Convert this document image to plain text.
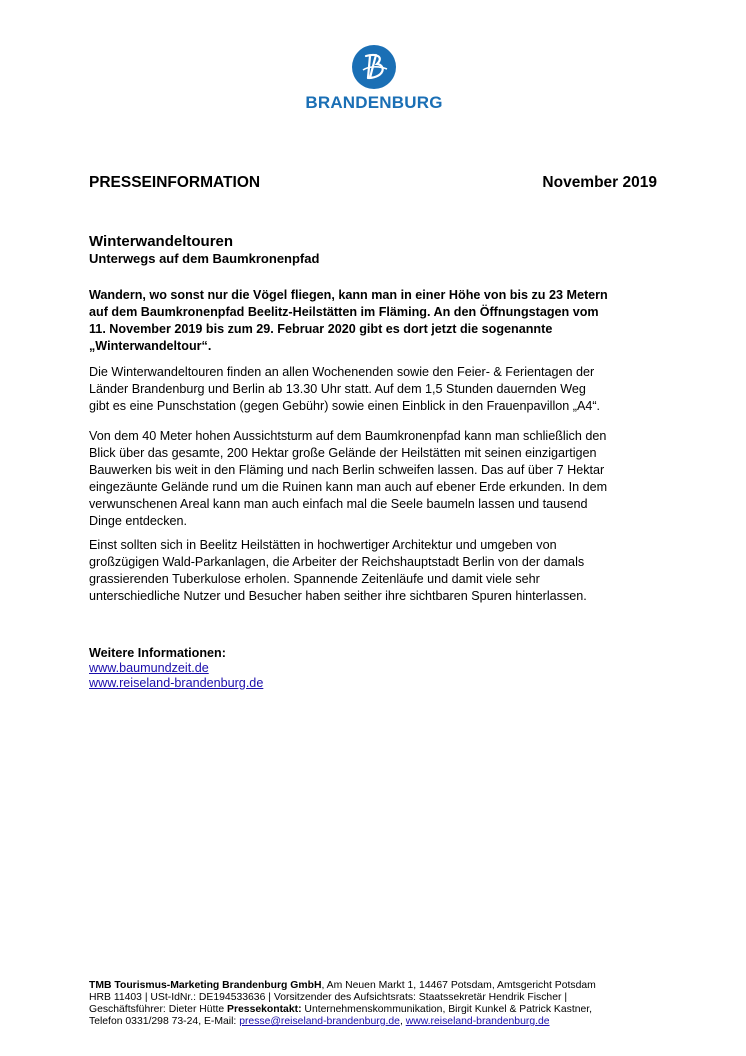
BRANDENBURG
PRESSEINFORMATION	November 2019
Winterwandeltouren
Unterwegs auf dem Baumkronenpfad
Wandern, wo sonst nur die Vögel fliegen, kann man in einer Höhe von bis zu 23 Metern
auf dem Baumkronenpfad Beelitz-Heilstätten im Fläming. An den Öffnungstagen vom
11. November 2019 bis zum 29. Februar 2020 gibt es dort jetzt die sogenannte
„Winterwandeltour“.
Die Winterwandeltouren finden an allen Wochenenden sowie den Feier- & Ferientagen der
Länder Brandenburg und Berlin ab 13.30 Uhr statt. Auf dem 1,5 Stunden dauernden Weg
gibt es eine Punschstation (gegen Gebühr) sowie einen Einblick in den Frauenpavillon „A4“.
Von dem 40 Meter hohen Aussichtsturm auf dem Baumkronenpfad kann man schließlich den
Blick über das gesamte, 200 Hektar große Gelände der Heilstätten mit seinen einzigartigen
Bauwerken bis weit in den Fläming und nach Berlin schweifen lassen. Das auf über 7 Hektar
eingezäunte Gelände rund um die Ruinen kann man auch auf ebener Erde erkunden. In dem
verwunschenen Areal kann man auch einfach mal die Seele baumeln lassen und tausend
Dinge entdecken.
Einst sollten sich in Beelitz Heilstätten in hochwertiger Architektur und umgeben von
großzügigen Wald-Parkanlagen, die Arbeiter der Reichshauptstadt Berlin von der damals
grassierenden Tuberkulose erholen. Spannende Zeitenläufe und damit viele sehr
unterschiedliche Nutzer und Besucher haben seither ihre sichtbaren Spuren hinterlassen.
Weitere Informationen:
www.baumundzeit.de
www.reiseland-brandenburg.de
TMB Tourismus-Marketing Brandenburg GmbH, Am Neuen Markt 1, 14467 Potsdam, Amtsgericht Potsdam
HRB 11403 | USt-IdNr.: DE194533636 | Vorsitzender des Aufsichtsrats: Staatssekretär Hendrik Fischer |
Geschäftsführer: Dieter Hütte Pressekontakt: Unternehmenskommunikation, Birgit Kunkel & Patrick Kastner,
Telefon 0331/298 73-24, E-Mail: presse@reiseland-brandenburg.de, www.reiseland-brandenburg.de
